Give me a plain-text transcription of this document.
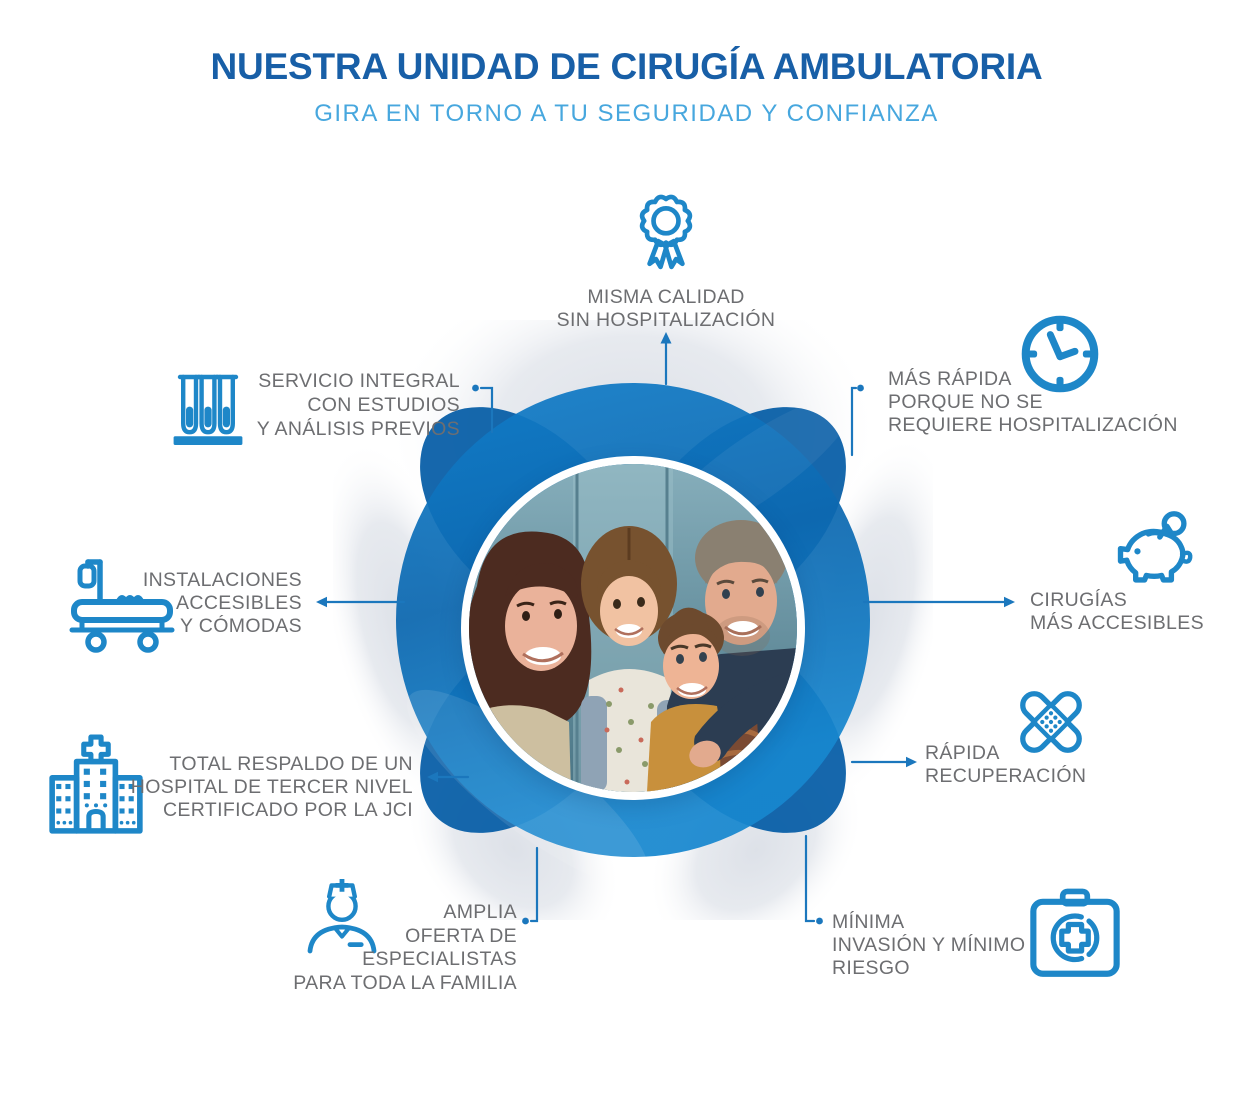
NUESTRA UNIDAD DE CIRUGÍA AMBULATORIA
GIRA EN TORNO A TU SEGURIDAD Y CONFIANZA
MISMA CALIDAD
SIN HOSPITALIZACIÓN
MÁS RÁPIDA
PORQUE NO SE
REQUIERE HOSPITALIZACIÓN
CIRUGÍAS
MÁS ACCESIBLES
RÁPIDA
RECUPERACIÓN
MÍNIMA
INVASIÓN Y MÍNIMO
RIESGO
AMPLIA
OFERTA DE
ESPECIALISTAS
PARA TODA LA FAMILIA
TOTAL RESPALDO DE UN
HOSPITAL DE TERCER NIVEL
CERTIFICADO POR LA JCI
INSTALACIONES
ACCESIBLES
Y CÓMODAS
SERVICIO INTEGRAL
CON ESTUDIOS
Y ANÁLISIS PREVIOS
